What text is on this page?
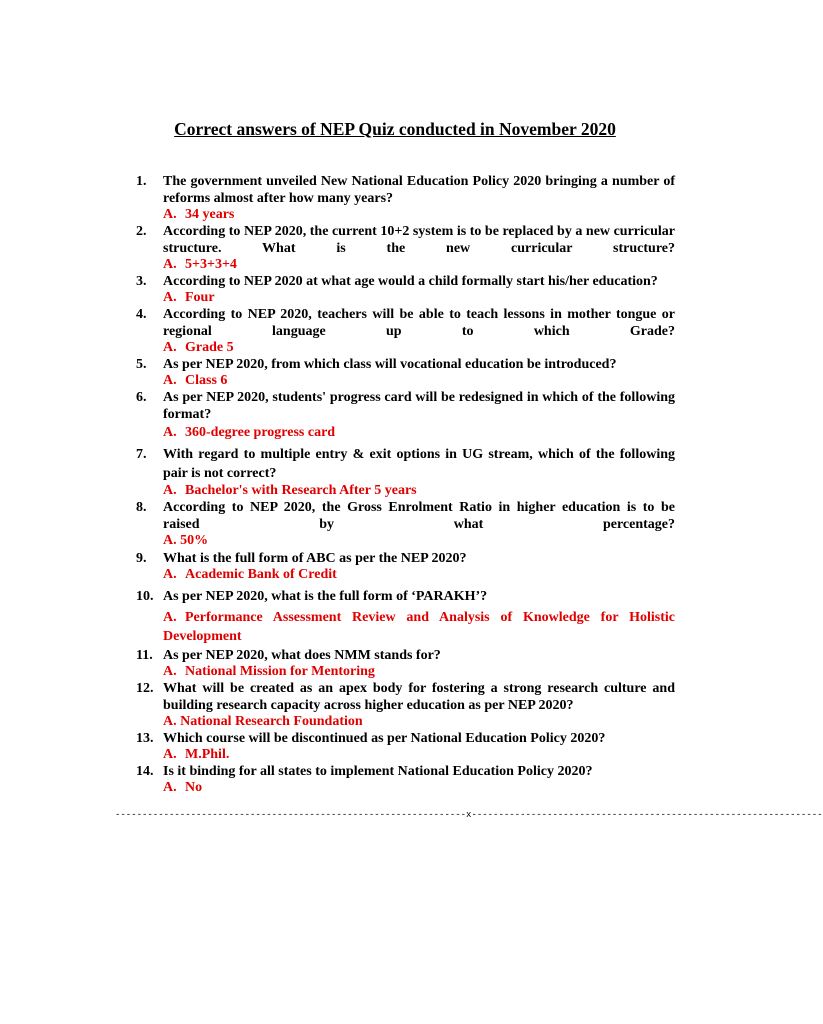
Correct answers of NEP Quiz conducted in November 2020
1.	The government unveiled New National Education Policy 2020 bringing a number of reforms almost after how many years?
A. 34 years
2.	According to NEP 2020, the current 10+2 system is to be replaced by a new curricular structure. What is the new curricular structure?
A. 5+3+3+4
3.	According to NEP 2020 at what age would a child formally start his/her education?
A. Four
4.	According to NEP 2020, teachers will be able to teach lessons in mother tongue or regional language up to which Grade?
A. Grade 5
5.	As per NEP 2020, from which class will vocational education be introduced?
A. Class 6
6.	As per NEP 2020, students' progress card will be redesigned in which of the following format?
A. 360-degree progress card
7.	With regard to multiple entry & exit options in UG stream, which of the following pair is not correct?
A. Bachelor's with Research After 5 years
8.	According to NEP 2020, the Gross Enrolment Ratio in higher education is to be raised by what percentage?
A. 50%
9.	What is the full form of ABC as per the NEP 2020?
A. Academic Bank of Credit
10. As per NEP 2020, what is the full form of ‘PARAKH’?
A. Performance Assessment Review and Analysis of Knowledge for Holistic Development
11. As per NEP 2020, what does NMM stands for?
A. National Mission for Mentoring
12. What will be created as an apex body for fostering a strong research culture and building research capacity across higher education as per NEP 2020?
A. National Research Foundation
13. Which course will be discontinued as per National Education Policy 2020?
A. M.Phil.
14. Is it binding for all states to implement National Education Policy 2020?
A. No
-----------------------------------------------------------------x-----------------------------------------------------------------
